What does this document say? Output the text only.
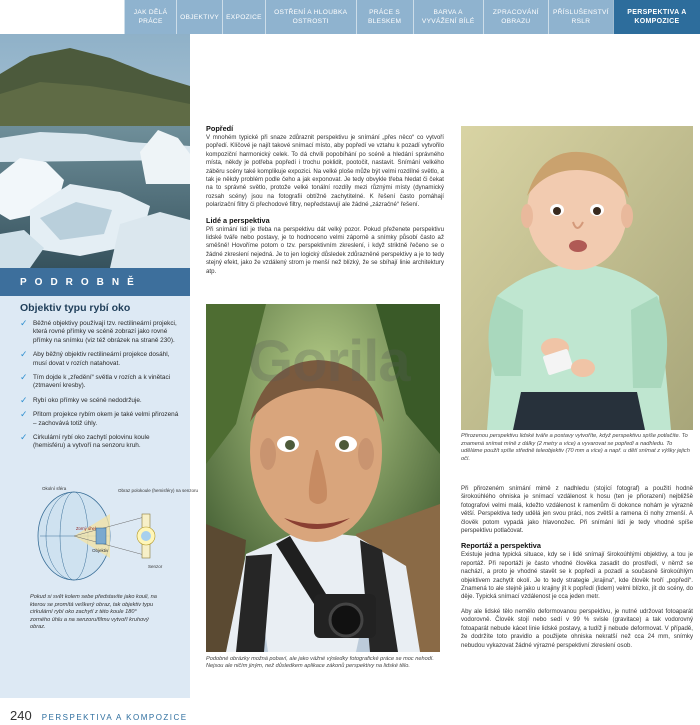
JAK DĚLÁ PRÁCE
OBJEKTIVY EXPOZICE
OSTŘENÍ A HLOUBKA OSTROSTI
PRÁCE S BLESKEM
BARVA A VYVÁŽENÍ BÍLÉ
ZPRACOVÁNÍ OBRAZU
PŘÍSLUŠENSTVÍ RSLR
PERSPEKTIVA A KOMPOZICE
PODROBNĚ
Objektiv typu rybí oko
✓ Běžné objektivy používají tzv. rectilineární projekci, která rovné přímky ve scéně zobrazí jako rovné přímky na snímku (viz též obrázek na straně 230).
✓ Aby běžný objektiv rectilineární projekce dosáhl, musí dovat v rozích natahovat.
✓ Tím dojde k „zředění“ světla v rozích a k vinětaci (ztmavení kresby).
✓ Rybí oko přímky ve scéně nedodržuje.
✓ Přitom projekce rybím okem je také velmi přirozená – zachovává totiž úhly.
✓ Cirkulární rybí oko zachytí polovinu koule (hemisféru) a vytvoří na senzoru kruh.
Okolní sféra	Obraz polokoule (hemisféry) na senzoru
Zorný úhel
Objektiv
Senzor
Pokud si svět kolem sebe představíte jako kouli, na kterou se promítá veškerý obraz, tak objektiv typu cirkulární rybí oko zachytí z této koule 180° zorného úhlu a na senzoru/filmu vytvoří kruhový obraz.
Popředí
V mnohém typické při snaze zdůraznit perspektivu je snímání „přes něco“ co vytvoří popředí. Klíčové je najít takové snímací místo, aby popředí ve vztahu k pozadí vytvořilo kompoziční harmonický celek. To dá chvíli popobíhání po scéně a hledání správného místa, někdy je potřeba popředí i trochu poklidit, pootočit, nastavit. Snímání velkého záběru scény také komplikuje expozici. Na velké ploše může být velmi rozdílné světlo, a tak je někdy problém podle čeho a jak exponovat. Je tedy obvykle třeba hledat či čekat na to správné světlo, protože velké tonální rozdíly mezi různými místy (dynamický rozsah scény) jsou na fotografii obtížně zachytitelné. K řešení často pomáhají polarizační filtry či přechodové filtry, nepředstavují ale žádné „zázračné“ řešení.
Lidé a perspektiva
Při snímání lidí je třeba na perspektivu dát velký pozor. Pokud přeženete perspektivu lidské tváře nebo postavy, je to hodnoceno velmi záporně a snímky působí často až směšně! Hovoříme potom o tzv. perspektivním zkreslení, i když striktně řečeno se o žádné zkreslení nejedná. Je to jen logický důsledek zdůrazněné perspektivy a je to tedy stejný efekt, jako že vzdálený strom je menší než blízký, že se sbíhají linie architektury atp.
Podobné obrázky možná pobaví, ale jako vážné výsledky fotografické práce se moc nehodí. Nejsou ale ničím jiným, než důsledkem aplikace zákonů perspektivy na lidské tělo.
Přirozenou perspektivu lidské tváře a postavy vytvoříte, když perspektivu spíše potlačíte. To znamená snímat míně z dálky (2 metry a více) a vyvarovat se popředí a nadhledu. To uděláme použít spíše středně teleobjektiv (70 mm a více) a např. u dětí snímat z výšky jejich očí.
Při přirozeném snímání mimě z nadhledu (stojící fotograf) a použití hodně širokoúhlého ohniska je snímací vzdálenost k hosu (ten je přiorazení) nejbližšě fotografovi velmi malá, kdežto vzdálenost k ramenům či dokonce nohám je výrazně větší. Perspektiva tedy udělá jen svou práci, nos zvětší a ramena či nohy zmenší. A člověk potom vypadá jako hlavonožec. Při snímání lidí je tedy vhodné spíše perspektivu potlačovat.
Reportáž a perspektiva
Existuje jedna typická situace, kdy se i lidé snímají širokoúhlými objektivy, a tou je reportáž. Při reportáži je často vhodné člověka zasadit do prostředí, v němž se nachází, a proto je vhodné stavět se k popředí a pozadí a současně širokoúhlým objektivem zachytit okolí. Je to tedy strategie „krajina“, kde člověk tvoří „popředí“. Znamená to ale stejně jako u krajiny jít k popředí (lidem) velmi blízko, jít do scény, do děje. Typická snímací vzdálenost je cca jeden metr.
Aby ale lidské tělo nemělo deformovanou perspektivu, je nutné udržovat fotoaparát vodorovně. Člověk stojí nebo sedí v 99 % svisle (gravitace) a tak vodorovný fotoaparát nebude kácet linie lidské postavy, a tudíž ji nebude deformovat. V případě, že dodržíte toto pravidlo a použijete ohniska nekratší než cca 24 mm, snímky nebudou vykazovat žádné výrazné perspektivní zkreslení osob.
Gorila
240 PERSPEKTIVA A KOMPOZICE
